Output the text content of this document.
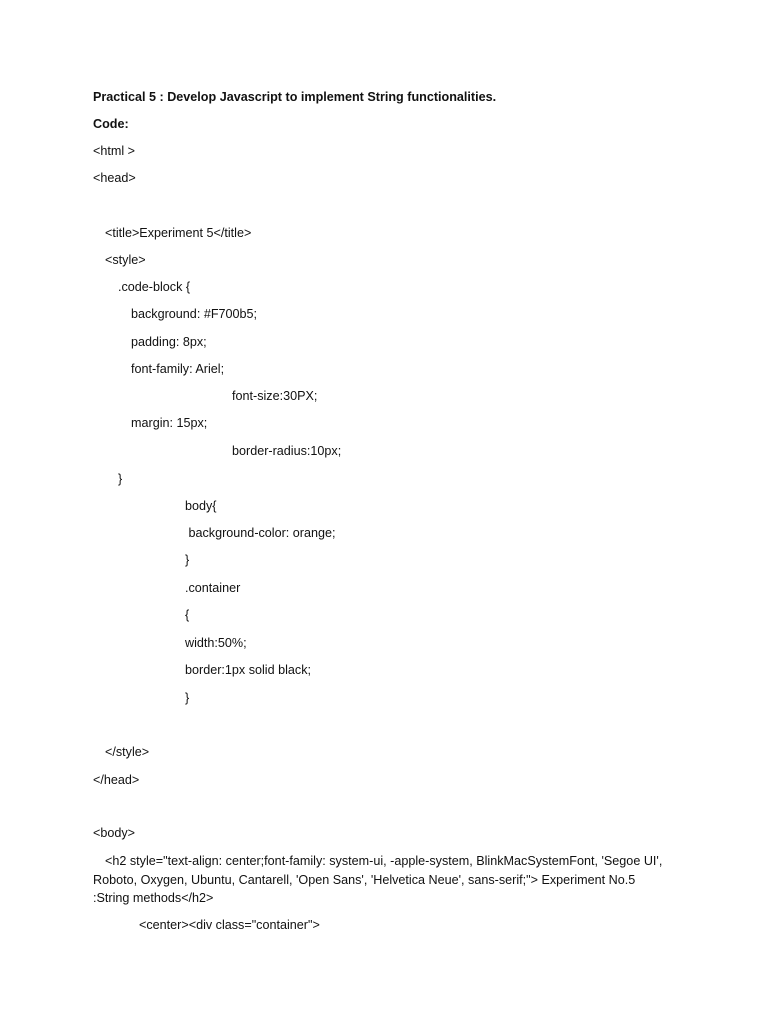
Practical 5 : Develop Javascript to implement String functionalities.
Code:
<html >
<head>
<title>Experiment 5</title>
<style>
.code-block {
background: #F700b5;
padding: 8px;
font-family: Ariel;
font-size:30PX;
margin: 15px;
border-radius:10px;
}
body{
background-color: orange;
}
.container
{
width:50%;
border:1px solid black;
}
</style>
</head>
<body>
<h2 style="text-align: center;font-family: system-ui, -apple-system, BlinkMacSystemFont, 'Segoe UI', Roboto, Oxygen, Ubuntu, Cantarell, 'Open Sans', 'Helvetica Neue', sans-serif;"> Experiment No.5 :String methods</h2>
<center><div class="container">
